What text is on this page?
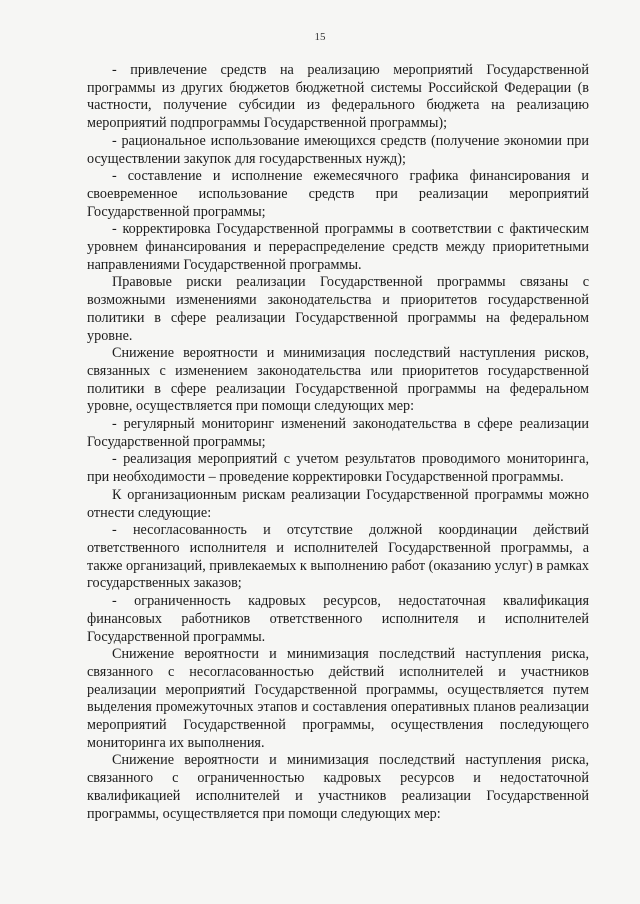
15

- привлечение средств на реализацию мероприятий Государственной программы из других бюджетов бюджетной системы Российской Федерации (в частности, получение субсидии из федерального бюджета на реализацию мероприятий подпрограммы Государственной программы);

- рациональное использование имеющихся средств (получение экономии при осуществлении закупок для государственных нужд);

- составление и исполнение ежемесячного графика финансирования и своевременное использование средств при реализации мероприятий Государственной программы;

- корректировка Государственной программы в соответствии с фактическим уровнем финансирования и перераспределение средств между приоритетными направлениями Государственной программы.

Правовые риски реализации Государственной программы связаны с возможными изменениями законодательства и приоритетов государственной политики в сфере реализации Государственной программы на федеральном уровне.

Снижение вероятности и минимизация последствий наступления рисков, связанных с изменением законодательства или приоритетов государственной политики в сфере реализации Государственной программы на федеральном уровне, осуществляется при помощи следующих мер:

- регулярный мониторинг изменений законодательства в сфере реализации Государственной программы;

- реализация мероприятий с учетом результатов проводимого мониторинга, при необходимости – проведение корректировки Государственной программы.

К организационным рискам реализации Государственной программы можно отнести следующие:

- несогласованность и отсутствие должной координации действий ответственного исполнителя и исполнителей Государственной программы, а также организаций, привлекаемых к выполнению работ (оказанию услуг) в рамках государственных заказов;

- ограниченность кадровых ресурсов, недостаточная квалификация финансовых работников ответственного исполнителя и исполнителей Государственной программы.

Снижение вероятности и минимизация последствий наступления риска, связанного с несогласованностью действий исполнителей и участников реализации мероприятий Государственной программы, осуществляется путем выделения промежуточных этапов и составления оперативных планов реализации мероприятий Государственной программы, осуществления последующего мониторинга их выполнения.

Снижение вероятности и минимизация последствий наступления риска, связанного с ограниченностью кадровых ресурсов и недостаточной квалификацией исполнителей и участников реализации Государственной программы, осуществляется при помощи следующих мер:
